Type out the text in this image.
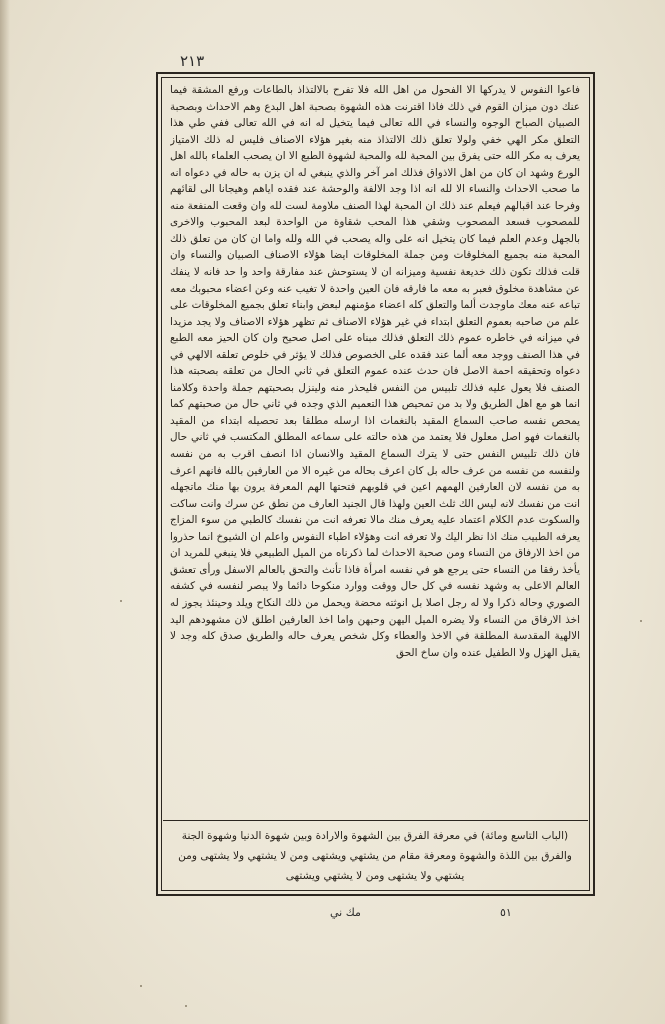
٢١٣
فاعوا النفوس لا يدركها الا الفحول من اهل الله فلا تفرح بالالتذاذ بالطاعات ورفع المشقة فيما عنك دون ميزان القوم في ذلك فاذا اقترنت هذه الشهوة بصحبة اهل البدع وهم الاحداث وبصحبة الصبيان الصباح الوجوه والنساء في الله تعالى فيما يتخيل له انه في الله تعالى ففي طي هذا التعلق مكر الهي خفي ولولا تعلق ذلك الالتذاذ منه بغير هؤلاء الاصناف فليس له ذلك الامتياز يعرف به مكر الله حتى يفرق بين المحبة لله والمحبة لشهوة الطبع الا ان يصحب العلماء بالله اهل الورع وشهد ان كان من اهل الاذواق فذلك امر آخر والذي ينبغي له ان يزن به حاله في دعواه انه ما صحب الاحداث والنساء الا لله انه اذا وجد الالفة والوحشة عند فقده اياهم وهيجانا الى لقائهم وفرحا عند اقبالهم فيعلم عند ذلك ان المحبة لهذا الصنف ملاومة لست لله وان وقعت المنفعة منه للمصحوب فسعد المصحوب وشقي هذا المحب شقاوة من الواحدة لبعد المحبوب والاخرى بالجهل وعدم العلم فيما كان يتخيل انه على واله يصحب في الله ولله واما ان كان من تعلق ذلك المحبة منه بجميع المخلوقات ومن جملة المخلوقات ايضا هؤلاء الاصناف الصبيان والنساء وان قلت فذلك تكون ذلك خديعة نفسية وميزانه ان لا يستوحش عند مفارقة واحد وا حد فانه لا ينفك عن مشاهدة مخلوق فعبر به معه ما فارقه فان العين واحدة لا تغيب عنه وعن اعضاء محبوبك معه تباعه عنه معك ماوجدت ألما والتعلق كله اعضاء مؤمنهم لبعض وابناء تعلق بجميع المخلوقات على علم من صاحبه بعموم التعلق ابتداء في غير هؤلاء الاصناف ثم تظهر هؤلاء الاصناف ولا يجد مزيدا في ميزانه في خاطره عموم ذلك التعلق فذلك مبناه على اصل صحيح وان كان الحيز معه الطبع في هذا الصنف ووجد معه ألما عند فقده على الخصوص فذلك لا يؤثر في خلوص تعلقه الالهي في دعواه وتحقيقه احمة الاصل فان حدث عنده عموم التعلق في ثاني الحال من تعلقه بصحبته هذا الصنف فلا يعول عليه فذلك تلبيس من النفس فليحذر منه ولينزل بصحبتهم جملة واحدة وكلامنا انما هو مع اهل الطريق ولا بد من تمحيص هذا التعميم الذي وجده في ثاني حال من صحبتهم كما يمحص نفسه صاحب السماع المقيد بالنغمات اذا ارسله مطلقا بعد تحصيله ابتداء من المقيد بالنغمات فهو اصل معلول فلا يعتمد من هذه حالته على سماعه المطلق المكتسب في ثاني حال فان ذلك تلبيس النفس حتى لا يترك السماع المقيد والانسان اذا انصف اقرب به من نفسه ولنفسه من نفسه من عرف حاله بل كان اعرف بحاله من غيره الا من العارفين بالله فانهم اعرف به من نفسه لان العارفين الهمهم اعين في قلوبهم فتحتها الهم المعرفة يرون بها منك ماتجهله انت من نفسك لانه ليس الك ثلث العين ولهذا قال الجنيد العارف من نطق عن سرك وانت ساكت والسكوت عدم الكلام اعتماد عليه يعرف منك مالا تعرفه انت من نفسك كالطبي من سوء المزاج يعرفه الطبيب منك اذا نظر اليك ولا تعرفه انت وهؤلاء اطباء النفوس واعلم ان الشيوخ انما حذروا من اخذ الارفاق من النساء ومن صحبة الاحداث لما ذكرناه من الميل الطبيعي فلا ينبغي للمريد ان يأخذ رفقا من النساء حتى يرجع هو في نفسه امرأة فاذا تأنث والتحق بالعالم الاسفل ورأى تعشق العالم الاعلى به وشهد نفسه في كل حال ووقت ووارد منكوحا دائما ولا يبصر لنفسه في كشفه الصوري وحاله ذكرا ولا له رجل اصلا بل انوثته محضة ويحمل من ذلك النكاح ويلد وحينئذ يجوز له اخذ الارفاق من النساء ولا يضره الميل اليهن وحبهن واما اخذ العارفين اطلق لان مشهودهم اليد الالهية المقدسة المطلقة في الاخذ والعطاء وكل شخص يعرف حاله والطريق صدق كله وجد لا يقبل الهزل ولا الطفيل عنده وان ساخ الحق
(الباب التاسع ومائة) في معرفة الفرق بين الشهوة والارادة وبين شهوة الدنيا وشهوة الجنة والفرق بين اللذة والشهوة ومعرفة مقام من يشتهي ويشتهى ومن لا يشتهي ولا يشتهى ومن يشتهي ولا يشتهى ومن لا يشتهي ويشتهى
مك ني	٥١
